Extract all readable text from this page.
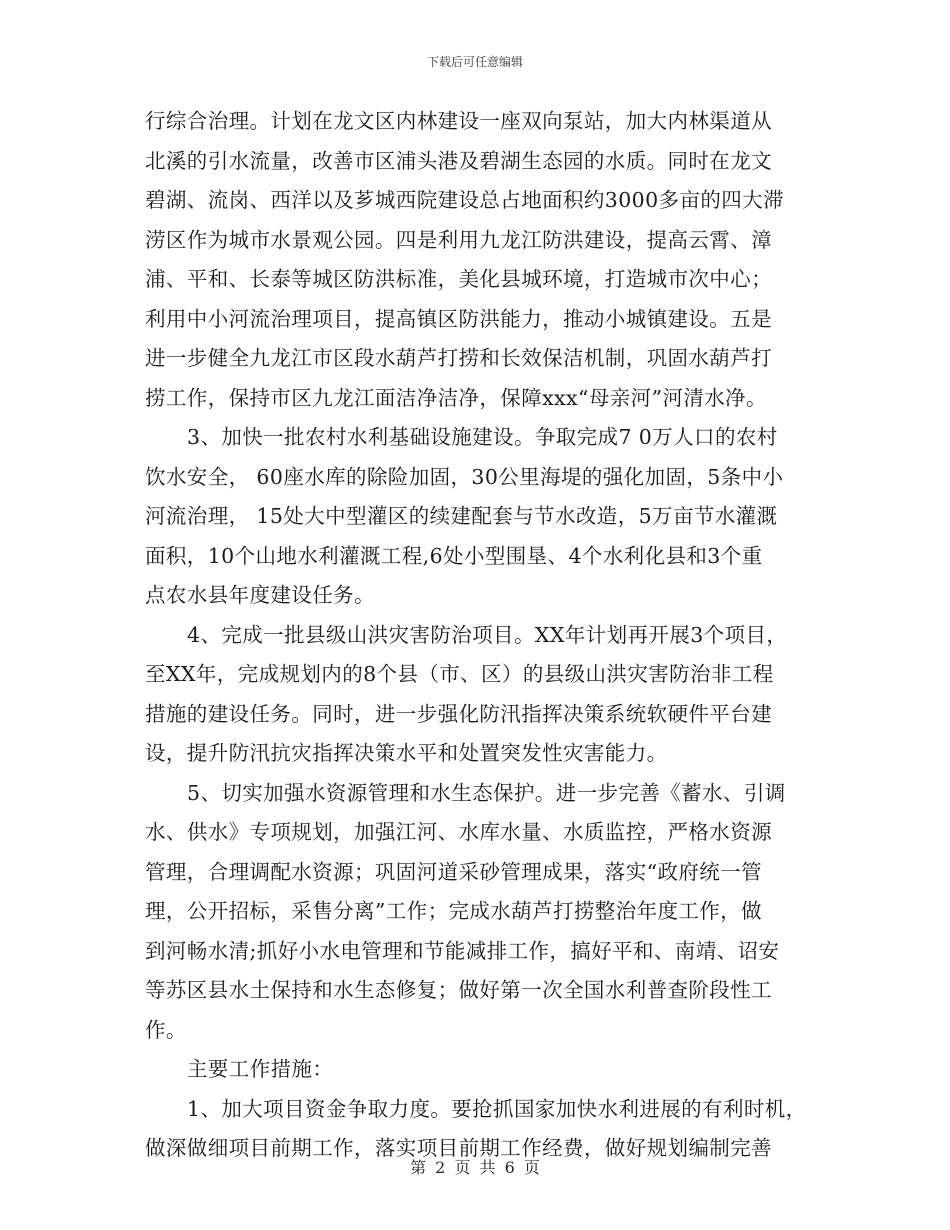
下载后可任意编辑
行综合治理。计划在龙文区内林建设一座双向泵站，加大内林渠道从
北溪的引水流量，改善市区浦头港及碧湖生态园的水质。同时在龙文
碧湖、流岗、西洋以及芗城西院建设总占地面积约3000多亩的四大滞
涝区作为城市水景观公园。四是利用九龙江防洪建设，提高云霄、漳
浦、平和、长泰等城区防洪标准，美化县城环境，打造城市次中心；
利用中小河流治理项目，提高镇区防洪能力，推动小城镇建设。五是
进一步健全九龙江市区段水葫芦打捞和长效保洁机制，巩固水葫芦打
捞工作，保持市区九龙江面洁净洁净，保障xxx“母亲河”河清水净。
3、加快一批农村水利基础设施建设。争取完成7 0万人口的农村
饮水安全， 60座水库的除险加固，30公里海堤的强化加固，5条中小
河流治理， 15处大中型灌区的续建配套与节水改造，5万亩节水灌溉
面积，10个山地水利灌溉工程,6处小型围垦、4个水利化县和3个重
点农水县年度建设任务。
4、完成一批县级山洪灾害防治项目。XX年计划再开展3个项目，
至XX年，完成规划内的8个县（市、区）的县级山洪灾害防治非工程
措施的建设任务。同时，进一步强化防汛指挥决策系统软硬件平台建
设，提升防汛抗灾指挥决策水平和处置突发性灾害能力。
5、切实加强水资源管理和水生态保护。进一步完善《蓄水、引调
水、供水》专项规划，加强江河、水库水量、水质监控，严格水资源
管理，合理调配水资源；巩固河道采砂管理成果，落实“政府统一管
理，公开招标，采售分离”工作；完成水葫芦打捞整治年度工作，做
到河畅水清;抓好小水电管理和节能减排工作，搞好平和、南靖、诏安
等苏区县水土保持和水生态修复；做好第一次全国水利普查阶段性工
作。
主要工作措施：
1、加大项目资金争取力度。要抢抓国家加快水利进展的有利时机，
做深做细项目前期工作，落实项目前期工作经费，做好规划编制完善
第 2 页 共 6 页
